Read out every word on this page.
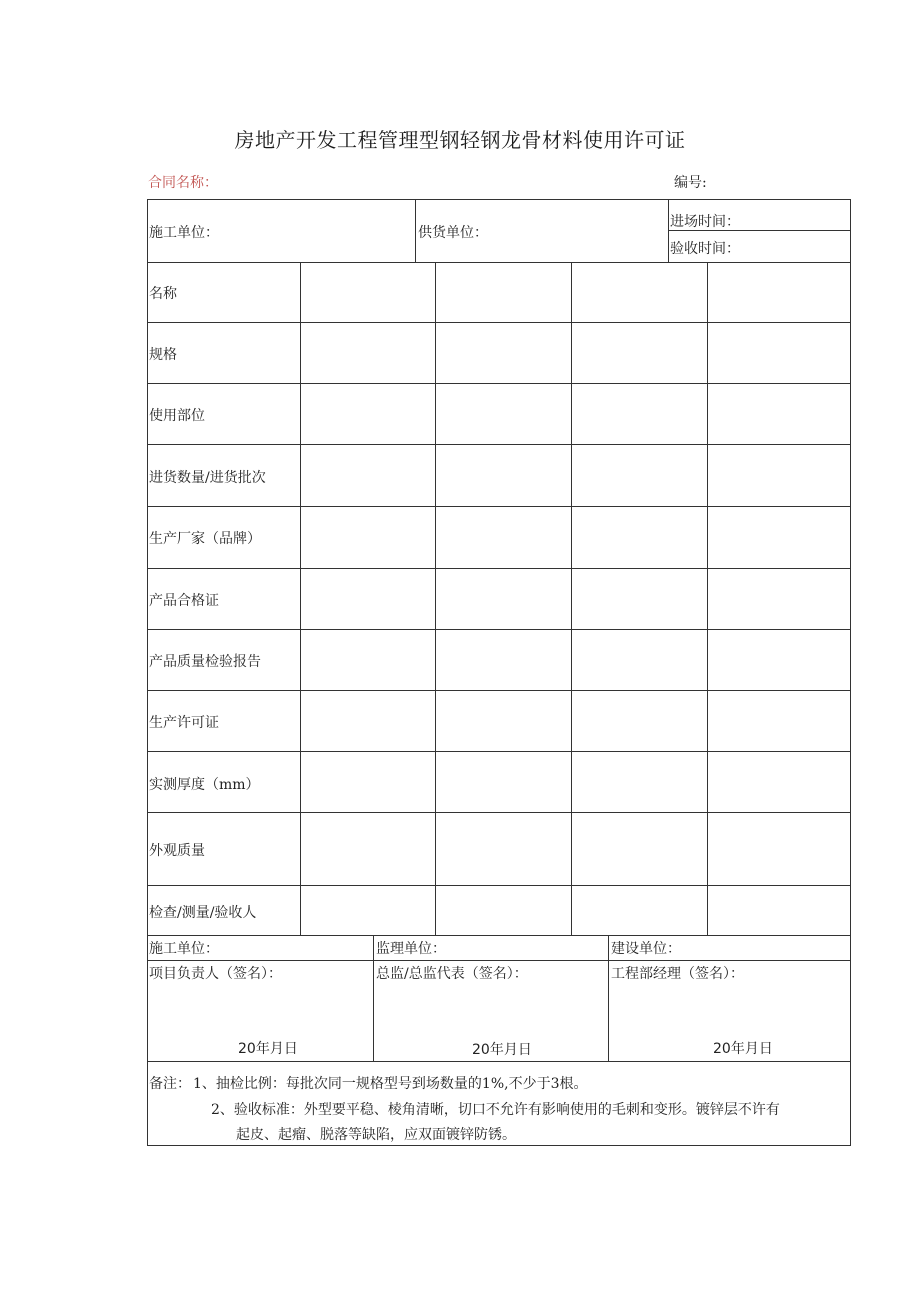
房地产开发工程管理型钢轻钢龙骨材料使用许可证
合同名称：	编号:
施工单位：	供货单位：
进场时间：
验收时间：
名称
规格
使用部位
进货数量/进货批次
生产厂家（品牌）
产品合格证
产品质量检验报告
生产许可证
实测厚度（mm）
外观质量
检查/测量/验收人
施工单位：	监理单位：	建设单位：
项目负责人（签名）：	总监/总监代表（签名）：	工程部经理（签名）：
20年月日	20年月日	20年月日
备注： 1、抽检比例：每批次同一规格型号到场数量的1%,不少于3根。
2、验收标准：外型要平稳、棱角清晰，切口不允许有影响使用的毛刺和变形。镀锌层不许有
起皮、起瘤、脱落等缺陷，应双面镀锌防锈。
